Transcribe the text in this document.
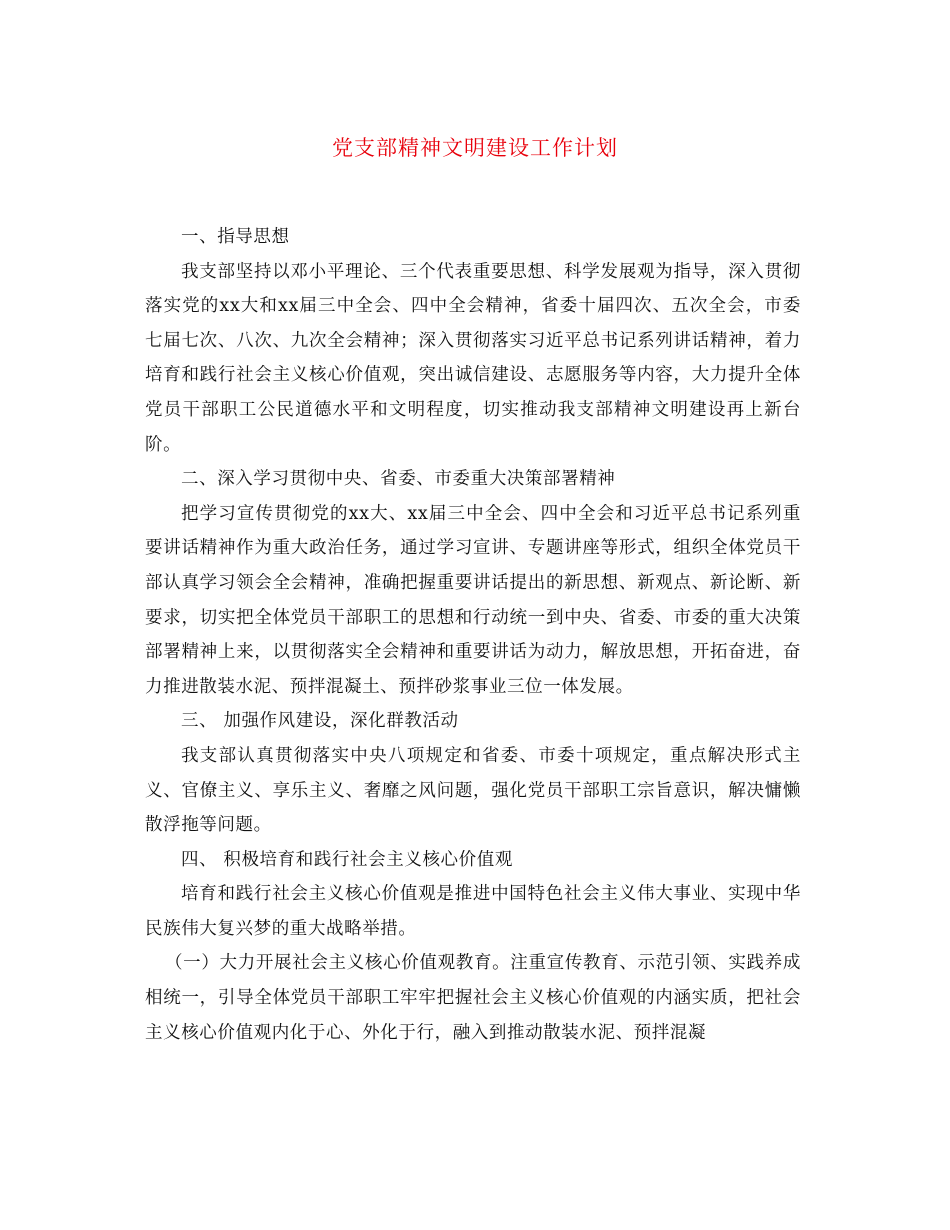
党支部精神文明建设工作计划

一、指导思想

我支部坚持以邓小平理论、三个代表重要思想、科学发展观为指导，深入贯彻落实党的xx大和xx届三中全会、四中全会精神，省委十届四次、五次全会，市委七届七次、八次、九次全会精神；深入贯彻落实习近平总书记系列讲话精神，着力培育和践行社会主义核心价值观，突出诚信建设、志愿服务等内容，大力提升全体党员干部职工公民道德水平和文明程度，切实推动我支部精神文明建设再上新台阶。

二、深入学习贯彻中央、省委、市委重大决策部署精神

把学习宣传贯彻党的xx大、xx届三中全会、四中全会和习近平总书记系列重要讲话精神作为重大政治任务，通过学习宣讲、专题讲座等形式，组织全体党员干部认真学习领会全会精神，准确把握重要讲话提出的新思想、新观点、新论断、新要求，切实把全体党员干部职工的思想和行动统一到中央、省委、市委的重大决策部署精神上来，以贯彻落实全会精神和重要讲话为动力，解放思想，开拓奋进，奋力推进散装水泥、预拌混凝土、预拌砂浆事业三位一体发展。

三、 加强作风建设，深化群教活动

我支部认真贯彻落实中央八项规定和省委、市委十项规定，重点解决形式主义、官僚主义、享乐主义、奢靡之风问题，强化党员干部职工宗旨意识，解决慵懒散浮拖等问题。

四、 积极培育和践行社会主义核心价值观

培育和践行社会主义核心价值观是推进中国特色社会主义伟大事业、实现中华民族伟大复兴梦的重大战略举措。

（一）大力开展社会主义核心价值观教育。注重宣传教育、示范引领、实践养成相统一，引导全体党员干部职工牢牢把握社会主义核心价值观的内涵实质，把社会主义核心价值观内化于心、外化于行，融入到推动散装水泥、预拌混凝
